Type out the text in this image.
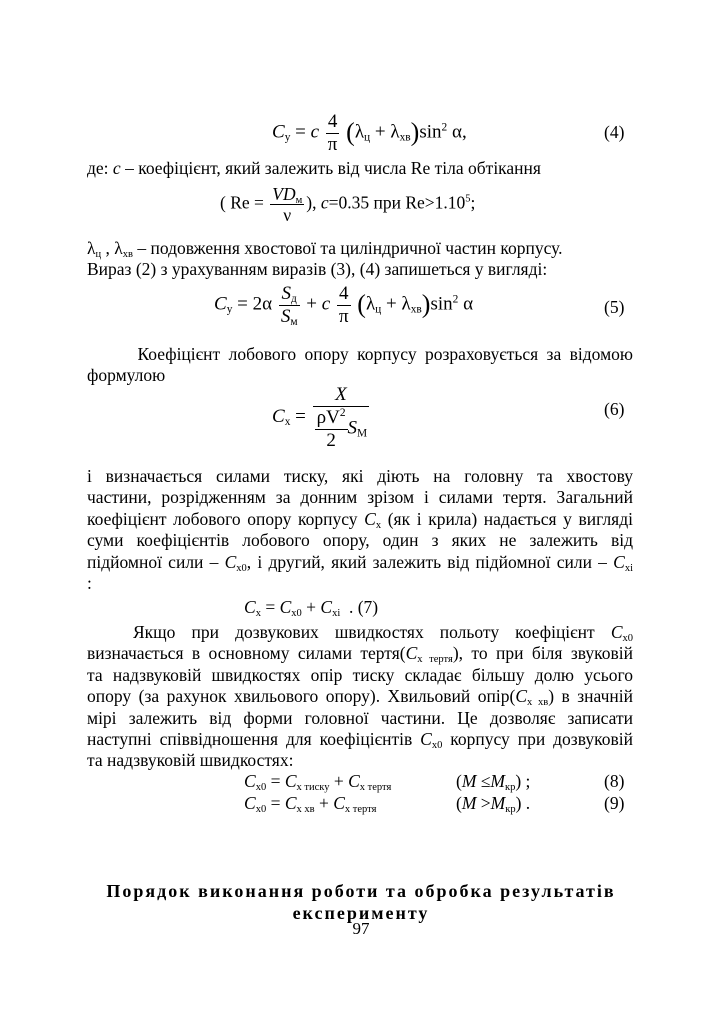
$C_y = c \frac{4}{\pi} (\lambda_ц + \lambda_{хв})\sin^2$ α,	(4)
де: c – коефіцієнт, який залежить від числа Re тіла обтікання
( $Re = \frac{VD_м}{\nu}$ ), c=0.35 при $Re>1.10^5$;
$\lambda_ц$ , $\lambda_{хв}$ – подовження хвостової та циліндричної частин корпусу.
Вираз (2) з урахуванням виразів (3), (4) запишеться у вигляді:
$C_y = 2\alpha \frac{S_д}{S_м} + c \frac{4}{\pi} (\lambda_ц + \lambda_{хв})\sin^2$ α	(5)
Коефіцієнт лобового опору корпусу розраховується за відомою
формулою
$C_x = \frac{X}{\frac{\rho V^2}{2} S_М}$	(6)
і визначається силами тиску, які діють на головну та хвостову
частини, розрідженням за донним зрізом і силами тертя. Загальний
коефіцієнт лобового опору корпусу $C_x$ (як і крила) надається у вигляді
суми коефіцієнтів лобового опору, один з яких не залежить від
підйомної сили – $C_{x0}$, і другий, який залежить від підйомної сили – $C_{xi}$
:
$C_x = C_{x0} + C_{xi}$ . (7)
Якщо при дозвукових швидкостях польоту коефіцієнт $C_{x0}$
визначається в основному силами $тертя(C_{x тертя})$, то при біля звуковій
та надзвуковій швидкостях опір тиску складає більшу долю усього
опору (за рахунок хвильового опору). Хвильовий $опір(C_{x хв})$ в значній
мірі залежить від форми головної частини. Це дозволяє записати
наступні співвідношення для коефіцієнтів $C_{x0}$ корпусу при дозвуковій
та надзвуковій швидкостях:
$C_{x0} = C_{x тиску} + C_{x тертя}$	$(M \le M_{кр})$ ;	(8)
$C_{x0} = C_{x хв} + C_{x тертя}$	$(M >M_{кр})$ .	(9)
Порядок виконання роботи та обробка результатів
експерименту
97
